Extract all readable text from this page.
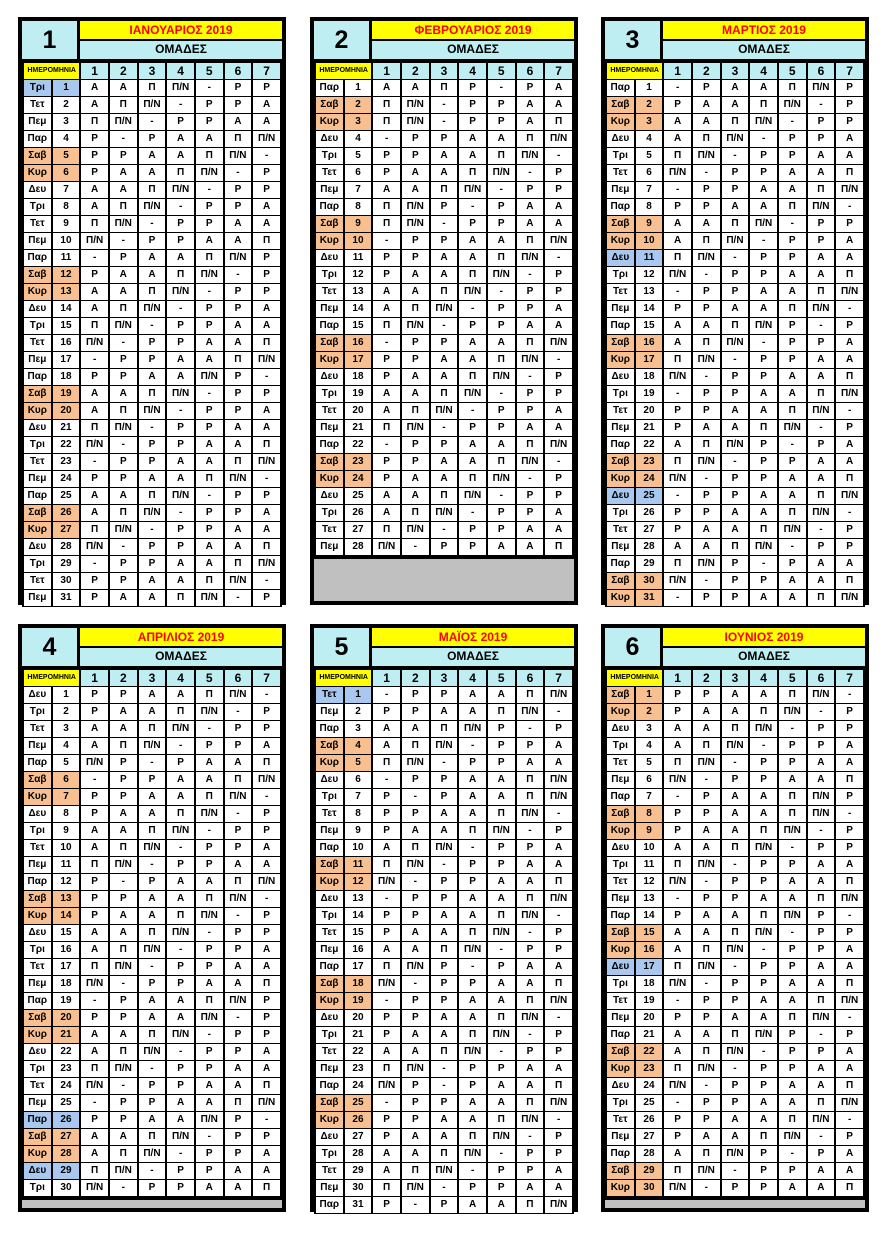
1	ΙΑΝΟΥΑΡΙΟΣ 2019
ΟΜΑΔΕΣ
ΗΜΕΡΟΜΗΝΙΑ		1	2	3	4	5	6	7
Τρι	1	Α	Α	Π	Π/Ν	-	Ρ	Ρ
Τετ	2	Α	Π	Π/Ν	-	Ρ	Ρ	Α
Πεμ	3	Π	Π/Ν	-	Ρ	Ρ	Α	Α
Παρ	4	Ρ	-	Ρ	Α	Α	Π	Π/Ν
Σαβ	5	Ρ	Ρ	Α	Α	Π	Π/Ν	-
Κυρ	6	Ρ	Α	Α	Π	Π/Ν	-	Ρ
Δευ	7	Α	Α	Π	Π/Ν	-	Ρ	Ρ
Τρι	8	Α	Π	Π/Ν	-	Ρ	Ρ	Α
Τετ	9	Π	Π/Ν	-	Ρ	Ρ	Α	Α
Πεμ	10	Π/Ν	-	Ρ	Ρ	Α	Α	Π
Παρ	11	-	Ρ	Α	Α	Π	Π/Ν	Ρ
Σαβ	12	Ρ	Α	Α	Π	Π/Ν	-	Ρ
Κυρ	13	Α	Α	Π	Π/Ν	-	Ρ	Ρ
Δευ	14	Α	Π	Π/Ν	-	Ρ	Ρ	Α
Τρι	15	Π	Π/Ν	-	Ρ	Ρ	Α	Α
Τετ	16	Π/Ν	-	Ρ	Ρ	Α	Α	Π
Πεμ	17	-	Ρ	Ρ	Α	Α	Π	Π/Ν
Παρ	18	Ρ	Ρ	Α	Α	Π/Ν	Ρ	-
Σαβ	19	Α	Α	Π	Π/Ν	-	Ρ	Ρ
Κυρ	20	Α	Π	Π/Ν	-	Ρ	Ρ	Α
Δευ	21	Π	Π/Ν	-	Ρ	Ρ	Α	Α
Τρι	22	Π/Ν	-	Ρ	Ρ	Α	Α	Π
Τετ	23	-	Ρ	Ρ	Α	Α	Π	Π/Ν
Πεμ	24	Ρ	Ρ	Α	Α	Π	Π/Ν	-
Παρ	25	Α	Α	Π	Π/Ν	-	Ρ	Ρ
Σαβ	26	Α	Π	Π/Ν	-	Ρ	Ρ	Α
Κυρ	27	Π	Π/Ν	-	Ρ	Ρ	Α	Α
Δευ	28	Π/Ν	-	Ρ	Ρ	Α	Α	Π
Τρι	29	-	Ρ	Ρ	Α	Α	Π	Π/Ν
Τετ	30	Ρ	Ρ	Α	Α	Π	Π/Ν	-
Πεμ	31	Ρ	Α	Α	Π	Π/Ν	-	Ρ
2	ΦΕΒΡΟΥΑΡΙΟΣ 2019
ΟΜΑΔΕΣ
ΗΜΕΡΟΜΗΝΙΑ		1	2	3	4	5	6	7
Παρ	1	Α	Α	Π	Ρ	-	Ρ	Α
Σαβ	2	Π	Π/Ν	-	Ρ	Ρ	Α	Α
Κυρ	3	Π	Π/Ν	-	Ρ	Ρ	Α	Π
Δευ	4	-	Ρ	Ρ	Α	Α	Π	Π/Ν
Τρι	5	Ρ	Ρ	Α	Α	Π	Π/Ν	-
Τετ	6	Ρ	Α	Α	Π	Π/Ν	-	Ρ
Πεμ	7	Α	Α	Π	Π/Ν	-	Ρ	Ρ
Παρ	8	Π	Π/Ν	Ρ	-	Ρ	Α	Α
Σαβ	9	Π	Π/Ν	-	Ρ	Ρ	Α	Α
Κυρ	10	-	Ρ	Ρ	Α	Α	Π	Π/Ν
Δευ	11	Ρ	Ρ	Α	Α	Π	Π/Ν	-
Τρι	12	Ρ	Α	Α	Π	Π/Ν	-	Ρ
Τετ	13	Α	Α	Π	Π/Ν	-	Ρ	Ρ
Πεμ	14	Α	Π	Π/Ν	-	Ρ	Ρ	Α
Παρ	15	Π	Π/Ν	-	Ρ	Ρ	Α	Α
Σαβ	16	-	Ρ	Ρ	Α	Α	Π	Π/Ν
Κυρ	17	Ρ	Ρ	Α	Α	Π	Π/Ν	-
Δευ	18	Ρ	Α	Α	Π	Π/Ν	-	Ρ
Τρι	19	Α	Α	Π	Π/Ν	-	Ρ	Ρ
Τετ	20	Α	Π	Π/Ν	-	Ρ	Ρ	Α
Πεμ	21	Π	Π/Ν	-	Ρ	Ρ	Α	Α
Παρ	22	-	Ρ	Ρ	Α	Α	Π	Π/Ν
Σαβ	23	Ρ	Ρ	Α	Α	Π	Π/Ν	-
Κυρ	24	Ρ	Α	Α	Π	Π/Ν	-	Ρ
Δευ	25	Α	Α	Π	Π/Ν	-	Ρ	Ρ
Τρι	26	Α	Π	Π/Ν	-	Ρ	Ρ	Α
Τετ	27	Π	Π/Ν	-	Ρ	Ρ	Α	Α
Πεμ	28	Π/Ν	-	Ρ	Ρ	Α	Α	Π
3	ΜΑΡΤΙΟΣ 2019
ΟΜΑΔΕΣ
ΗΜΕΡΟΜΗΝΙΑ		1	2	3	4	5	6	7
Παρ	1	-	Ρ	Α	Α	Π	Π/Ν	Ρ
Σαβ	2	Ρ	Α	Α	Π	Π/Ν	-	Ρ
Κυρ	3	Α	Α	Π	Π/Ν	-	Ρ	Ρ
Δευ	4	Α	Π	Π/Ν	-	Ρ	Ρ	Α
Τρι	5	Π	Π/Ν	-	Ρ	Ρ	Α	Α
Τετ	6	Π/Ν	-	Ρ	Ρ	Α	Α	Π
Πεμ	7	-	Ρ	Ρ	Α	Α	Π	Π/Ν
Παρ	8	Ρ	Ρ	Α	Α	Π	Π/Ν	-
Σαβ	9	Α	Α	Π	Π/Ν	-	Ρ	Ρ
Κυρ	10	Α	Π	Π/Ν	-	Ρ	Ρ	Α
Δευ	11	Π	Π/Ν	-	Ρ	Ρ	Α	Α
Τρι	12	Π/Ν	-	Ρ	Ρ	Α	Α	Π
Τετ	13	-	Ρ	Ρ	Α	Α	Π	Π/Ν
Πεμ	14	Ρ	Ρ	Α	Α	Π	Π/Ν	-
Παρ	15	Α	Α	Π	Π/Ν	Ρ	-	Ρ
Σαβ	16	Α	Π	Π/Ν	-	Ρ	Ρ	Α
Κυρ	17	Π	Π/Ν	-	Ρ	Ρ	Α	Α
Δευ	18	Π/Ν	-	Ρ	Ρ	Α	Α	Π
Τρι	19	-	Ρ	Ρ	Α	Α	Π	Π/Ν
Τετ	20	Ρ	Ρ	Α	Α	Π	Π/Ν	-
Πεμ	21	Ρ	Α	Α	Π	Π/Ν	-	Ρ
Παρ	22	Α	Π	Π/Ν	Ρ	-	Ρ	Α
Σαβ	23	Π	Π/Ν	-	Ρ	Ρ	Α	Α
Κυρ	24	Π/Ν	-	Ρ	Ρ	Α	Α	Π
Δευ	25	-	Ρ	Ρ	Α	Α	Π	Π/Ν
Τρι	26	Ρ	Ρ	Α	Α	Π	Π/Ν	-
Τετ	27	Ρ	Α	Α	Π	Π/Ν	-	Ρ
Πεμ	28	Α	Α	Π	Π/Ν	-	Ρ	Ρ
Παρ	29	Π	Π/Ν	Ρ	-	Ρ	Α	Α
Σαβ	30	Π/Ν	-	Ρ	Ρ	Α	Α	Π
Κυρ	31	-	Ρ	Ρ	Α	Α	Π	Π/Ν
4	ΑΠΡΙΛΙΟΣ 2019
ΟΜΑΔΕΣ
ΗΜΕΡΟΜΗΝΙΑ		1	2	3	4	5	6	7
Δευ	1	Ρ	Ρ	Α	Α	Π	Π/Ν	-
Τρι	2	Ρ	Α	Α	Π	Π/Ν	-	Ρ
Τετ	3	Α	Α	Π	Π/Ν	-	Ρ	Ρ
Πεμ	4	Α	Π	Π/Ν	-	Ρ	Ρ	Α
Παρ	5	Π/Ν	Ρ	-	Ρ	Α	Α	Π
Σαβ	6	-	Ρ	Ρ	Α	Α	Π	Π/Ν
Κυρ	7	Ρ	Ρ	Α	Α	Π	Π/Ν	-
Δευ	8	Ρ	Α	Α	Π	Π/Ν	-	Ρ
Τρι	9	Α	Α	Π	Π/Ν	-	Ρ	Ρ
Τετ	10	Α	Π	Π/Ν	-	Ρ	Ρ	Α
Πεμ	11	Π	Π/Ν	-	Ρ	Ρ	Α	Α
Παρ	12	Ρ	-	Ρ	Α	Α	Π	Π/Ν
Σαβ	13	Ρ	Ρ	Α	Α	Π	Π/Ν	-
Κυρ	14	Ρ	Α	Α	Π	Π/Ν	-	Ρ
Δευ	15	Α	Α	Π	Π/Ν	-	Ρ	Ρ
Τρι	16	Α	Π	Π/Ν	-	Ρ	Ρ	Α
Τετ	17	Π	Π/Ν	-	Ρ	Ρ	Α	Α
Πεμ	18	Π/Ν	-	Ρ	Ρ	Α	Α	Π
Παρ	19	-	Ρ	Α	Α	Π	Π/Ν	Ρ
Σαβ	20	Ρ	Ρ	Α	Α	Π/Ν	-	Ρ
Κυρ	21	Α	Α	Π	Π/Ν	-	Ρ	Ρ
Δευ	22	Α	Π	Π/Ν	-	Ρ	Ρ	Α
Τρι	23	Π	Π/Ν	-	Ρ	Ρ	Α	Α
Τετ	24	Π/Ν	-	Ρ	Ρ	Α	Α	Π
Πεμ	25	-	Ρ	Ρ	Α	Α	Π	Π/Ν
Παρ	26	Ρ	Ρ	Α	Α	Π/Ν	Ρ	-
Σαβ	27	Α	Α	Π	Π/Ν	-	Ρ	Ρ
Κυρ	28	Α	Π	Π/Ν	-	Ρ	Ρ	Α
Δευ	29	Π	Π/Ν	-	Ρ	Ρ	Α	Α
Τρι	30	Π/Ν	-	Ρ	Ρ	Α	Α	Π
5	ΜΑΪΟΣ 2019
ΟΜΑΔΕΣ
ΗΜΕΡΟΜΗΝΙΑ		1	2	3	4	5	6	7
Τετ	1	-	Ρ	Ρ	Α	Α	Π	Π/Ν
Πεμ	2	Ρ	Ρ	Α	Α	Π	Π/Ν	-
Παρ	3	Α	Α	Π	Π/Ν	Ρ	-	Ρ
Σαβ	4	Α	Π	Π/Ν	-	Ρ	Ρ	Α
Κυρ	5	Π	Π/Ν	-	Ρ	Ρ	Α	Α
Δευ	6	-	Ρ	Ρ	Α	Α	Π	Π/Ν
Τρι	7	Ρ	-	Ρ	Α	Α	Π	Π/Ν
Τετ	8	Ρ	Ρ	Α	Α	Π	Π/Ν	-
Πεμ	9	Ρ	Α	Α	Π	Π/Ν	-	Ρ
Παρ	10	Α	Π	Π/Ν	-	Ρ	Ρ	Α
Σαβ	11	Π	Π/Ν	-	Ρ	Ρ	Α	Α
Κυρ	12	Π/Ν	-	Ρ	Ρ	Α	Α	Π
Δευ	13	-	Ρ	Ρ	Α	Α	Π	Π/Ν
Τρι	14	Ρ	Ρ	Α	Α	Π	Π/Ν	-
Τετ	15	Ρ	Α	Α	Π	Π/Ν	-	Ρ
Πεμ	16	Α	Α	Π	Π/Ν	-	Ρ	Ρ
Παρ	17	Π	Π/Ν	Ρ	-	Ρ	Α	Α
Σαβ	18	Π/Ν	-	Ρ	Ρ	Α	Α	Π
Κυρ	19	-	Ρ	Ρ	Α	Α	Π	Π/Ν
Δευ	20	Ρ	Ρ	Α	Α	Π	Π/Ν	-
Τρι	21	Ρ	Α	Α	Π	Π/Ν	-	Ρ
Τετ	22	Α	Α	Π	Π/Ν	-	Ρ	Ρ
Πεμ	23	Π	Π/Ν	-	Ρ	Ρ	Α	Α
Παρ	24	Π/Ν	Ρ	-	Ρ	Α	Α	Π
Σαβ	25	-	Ρ	Ρ	Α	Α	Π	Π/Ν
Κυρ	26	Ρ	Ρ	Α	Α	Π	Π/Ν	-
Δευ	27	Ρ	Α	Α	Π	Π/Ν	-	Ρ
Τρι	28	Α	Α	Π	Π/Ν	-	Ρ	Ρ
Τετ	29	Α	Π	Π/Ν	-	Ρ	Ρ	Α
Πεμ	30	Π	Π/Ν	-	Ρ	Ρ	Α	Α
Παρ	31	Ρ	-	Ρ	Α	Α	Π	Π/Ν
6	ΙΟΥΝΙΟΣ 2019
ΟΜΑΔΕΣ
ΗΜΕΡΟΜΗΝΙΑ		1	2	3	4	5	6	7
Σαβ	1	Ρ	Ρ	Α	Α	Π	Π/Ν	-
Κυρ	2	Ρ	Α	Α	Π	Π/Ν	-	Ρ
Δευ	3	Α	Α	Π	Π/Ν	-	Ρ	Ρ
Τρι	4	Α	Π	Π/Ν	-	Ρ	Ρ	Α
Τετ	5	Π	Π/Ν	-	Ρ	Ρ	Α	Α
Πεμ	6	Π/Ν	-	Ρ	Ρ	Α	Α	Π
Παρ	7	-	Ρ	Α	Α	Π	Π/Ν	Ρ
Σαβ	8	Ρ	Ρ	Α	Α	Π	Π/Ν	-
Κυρ	9	Ρ	Α	Α	Π	Π/Ν	-	Ρ
Δευ	10	Α	Α	Π	Π/Ν	-	Ρ	Ρ
Τρι	11	Π	Π/Ν	-	Ρ	Ρ	Α	Α
Τετ	12	Π/Ν	-	Ρ	Ρ	Α	Α	Π
Πεμ	13	-	Ρ	Ρ	Α	Α	Π	Π/Ν
Παρ	14	Ρ	Α	Α	Π	Π/Ν	Ρ	-
Σαβ	15	Α	Α	Π	Π/Ν	-	Ρ	Ρ
Κυρ	16	Α	Π	Π/Ν	-	Ρ	Ρ	Α
Δευ	17	Π	Π/Ν	-	Ρ	Ρ	Α	Α
Τρι	18	Π/Ν	-	Ρ	Ρ	Α	Α	Π
Τετ	19	-	Ρ	Ρ	Α	Α	Π	Π/Ν
Πεμ	20	Ρ	Ρ	Α	Α	Π	Π/Ν	-
Παρ	21	Α	Α	Π	Π/Ν	Ρ	-	Ρ
Σαβ	22	Α	Π	Π/Ν	-	Ρ	Ρ	Α
Κυρ	23	Π	Π/Ν	-	Ρ	Ρ	Α	Α
Δευ	24	Π/Ν	-	Ρ	Ρ	Α	Α	Π
Τρι	25	-	Ρ	Ρ	Α	Α	Π	Π/Ν
Τετ	26	Ρ	Ρ	Α	Α	Π	Π/Ν	-
Πεμ	27	Ρ	Α	Α	Π	Π/Ν	-	Ρ
Παρ	28	Α	Π	Π/Ν	Ρ	-	Ρ	Α
Σαβ	29	Π	Π/Ν	-	Ρ	Ρ	Α	Α
Κυρ	30	Π/Ν	-	Ρ	Ρ	Α	Α	Π
